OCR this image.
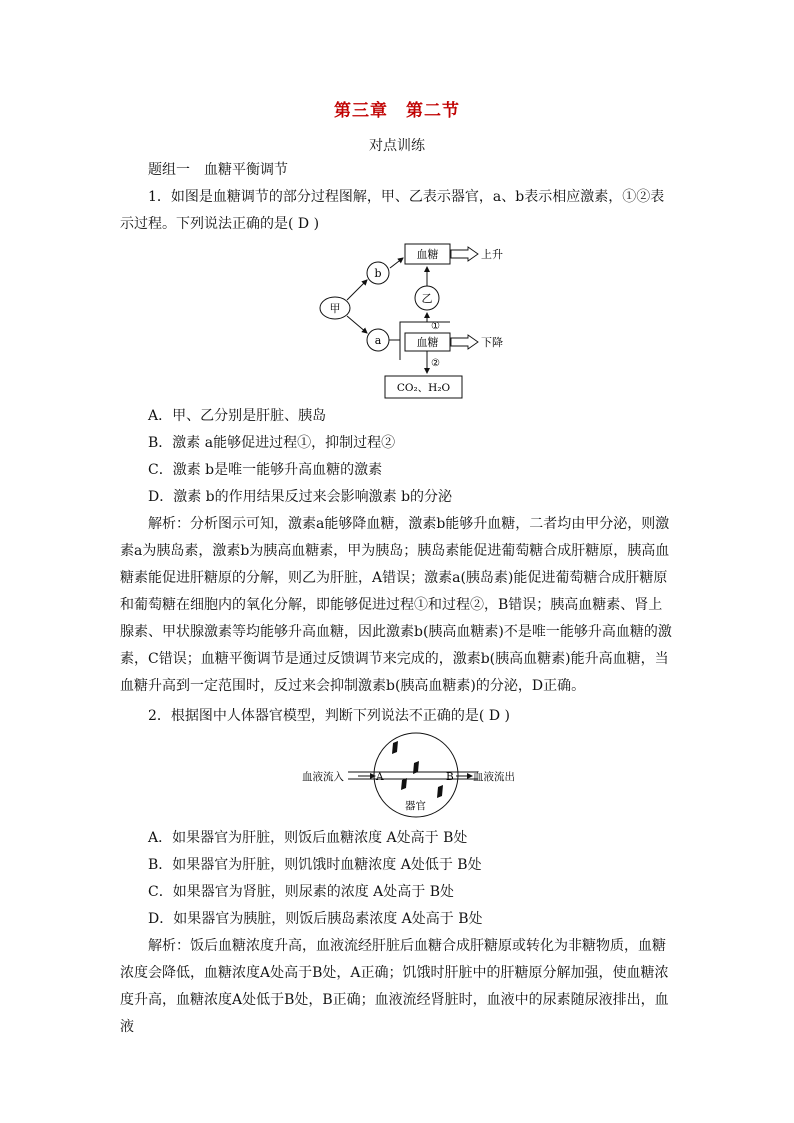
第三章　第二节
对点训练

题组一　血糖平衡调节

1．如图是血糖调节的部分过程图解，甲、乙表示器官，a、b表示相应激素，①②表示过程。下列说法正确的是( D )

甲
b
a
血糖	上升
乙
①
血糖	下降
②
CO₂、H₂O

A．甲、乙分别是肝脏、胰岛

B．激素 a能够促进过程①，抑制过程②

C．激素 b是唯一能够升高血糖的激素

D．激素 b的作用结果反过来会影响激素 b的分泌

解析：分析图示可知，激素a能够降血糖，激素b能够升血糖，二者均由甲分泌，则激素a为胰岛素，激素b为胰高血糖素，甲为胰岛；胰岛素能促进葡萄糖合成肝糖原，胰高血糖素能促进肝糖原的分解，则乙为肝脏，A错误；激素a(胰岛素)能促进葡萄糖合成肝糖原和葡萄糖在细胞内的氧化分解，即能够促进过程①和过程②，B错误；胰高血糖素、肾上腺素、甲状腺激素等均能够升高血糖，因此激素b(胰高血糖素)不是唯一能够升高血糖的激素，C错误；血糖平衡调节是通过反馈调节来完成的，激素b(胰高血糖素)能升高血糖，当血糖升高到一定范围时，反过来会抑制激素b(胰高血糖素)的分泌，D正确。

2．根据图中人体器官模型，判断下列说法不正确的是( D )

血液流入	A	B 血液流出
器官

A．如果器官为肝脏，则饭后血糖浓度 A处高于 B处

B．如果器官为肝脏，则饥饿时血糖浓度 A处低于 B处

C．如果器官为肾脏，则尿素的浓度 A处高于 B处

D．如果器官为胰脏，则饭后胰岛素浓度 A处高于 B处

解析：饭后血糖浓度升高，血液流经肝脏后血糖合成肝糖原或转化为非糖物质，血糖浓度会降低，血糖浓度A处高于B处，A正确；饥饿时肝脏中的肝糖原分解加强，使血糖浓度升高，血糖浓度A处低于B处，B正确；血液流经肾脏时，血液中的尿素随尿液排出，血液
